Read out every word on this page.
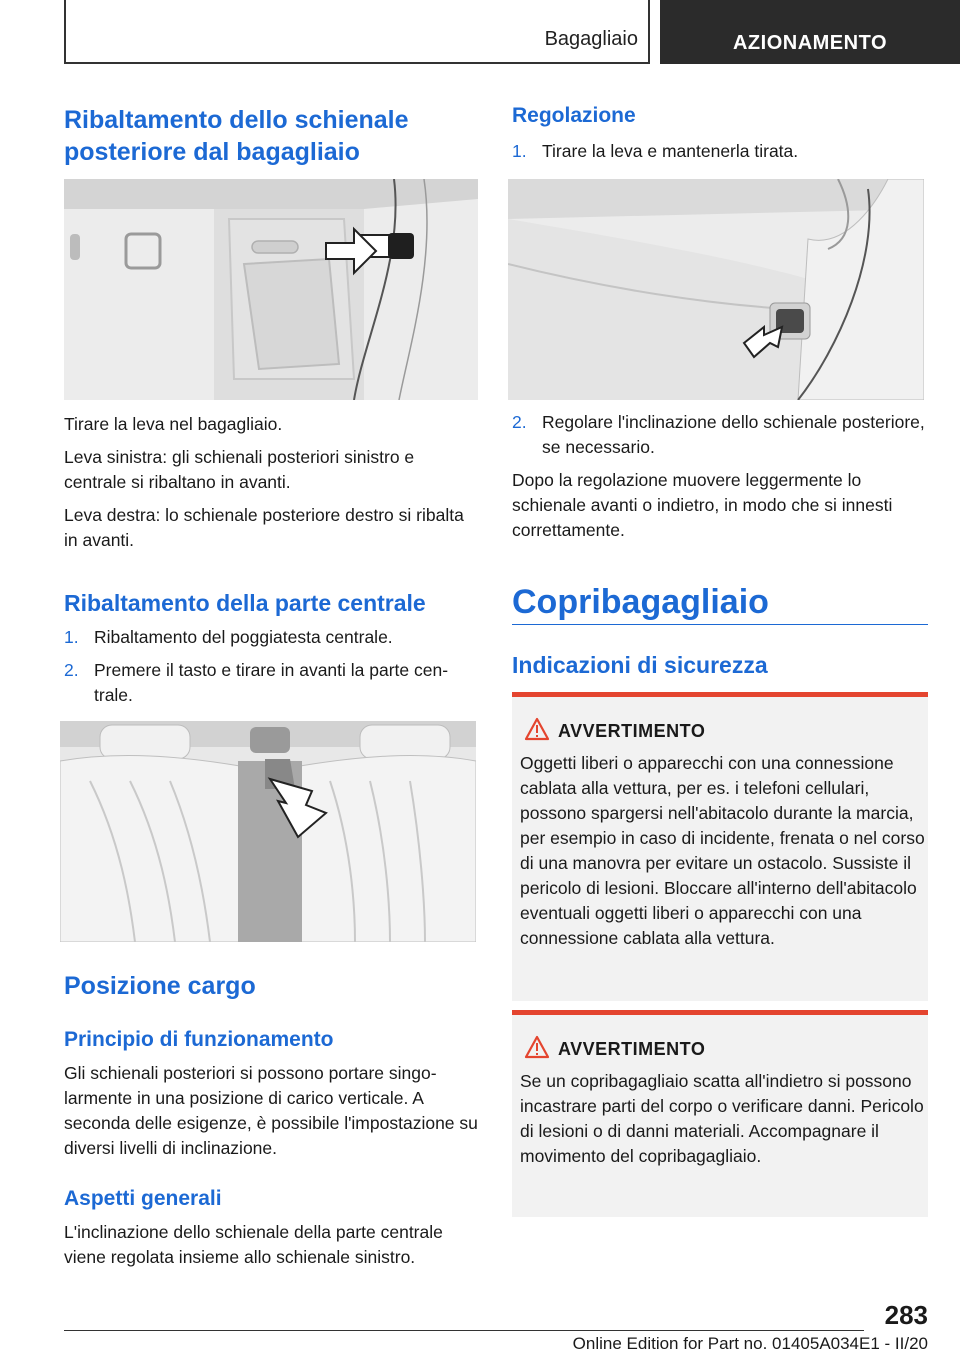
Bagagliaio	AZIONAMENTO
Ribaltamento dello schienale posteriore dal bagagliaio
Tirare la leva nel bagagliaio.
Leva sinistra: gli schienali posteriori sinistro e centrale si ribaltano in avanti.
Leva destra: lo schienale posteriore destro si ribalta in avanti.
Ribaltamento della parte centrale
1. Ribaltamento del poggiatesta centrale.
2. Premere il tasto e tirare in avanti la parte centrale.
Posizione cargo
Principio di funzionamento
Gli schienali posteriori si possono portare singolarmente in una posizione di carico verticale. A seconda delle esigenze, è possibile l'impostazione su diversi livelli di inclinazione.
Aspetti generali
L'inclinazione dello schienale della parte centrale viene regolata insieme allo schienale sinistro.
Regolazione
1. Tirare la leva e mantenerla tirata.
2. Regolare l'inclinazione dello schienale posteriore, se necessario.
Dopo la regolazione muovere leggermente lo schienale avanti o indietro, in modo che si innesti correttamente.
Copribagagliaio
Indicazioni di sicurezza
AVVERTIMENTO
Oggetti liberi o apparecchi con una connessione cablata alla vettura, per es. i telefoni cellulari, possono spargersi nell'abitacolo durante la marcia, per esempio in caso di incidente, frenata o nel corso di una manovra per evitare un ostacolo. Sussiste il pericolo di lesioni. Bloccare all'interno dell'abitacolo eventuali oggetti liberi o apparecchi con una connessione cablata alla vettura.
AVVERTIMENTO
Se un copribagagliaio scatta all'indietro si possono incastrare parti del corpo o verificare danni. Pericolo di lesioni o di danni materiali. Accompagnare il movimento del copribagagliaio.
283
Online Edition for Part no. 01405A034E1 - II/20
